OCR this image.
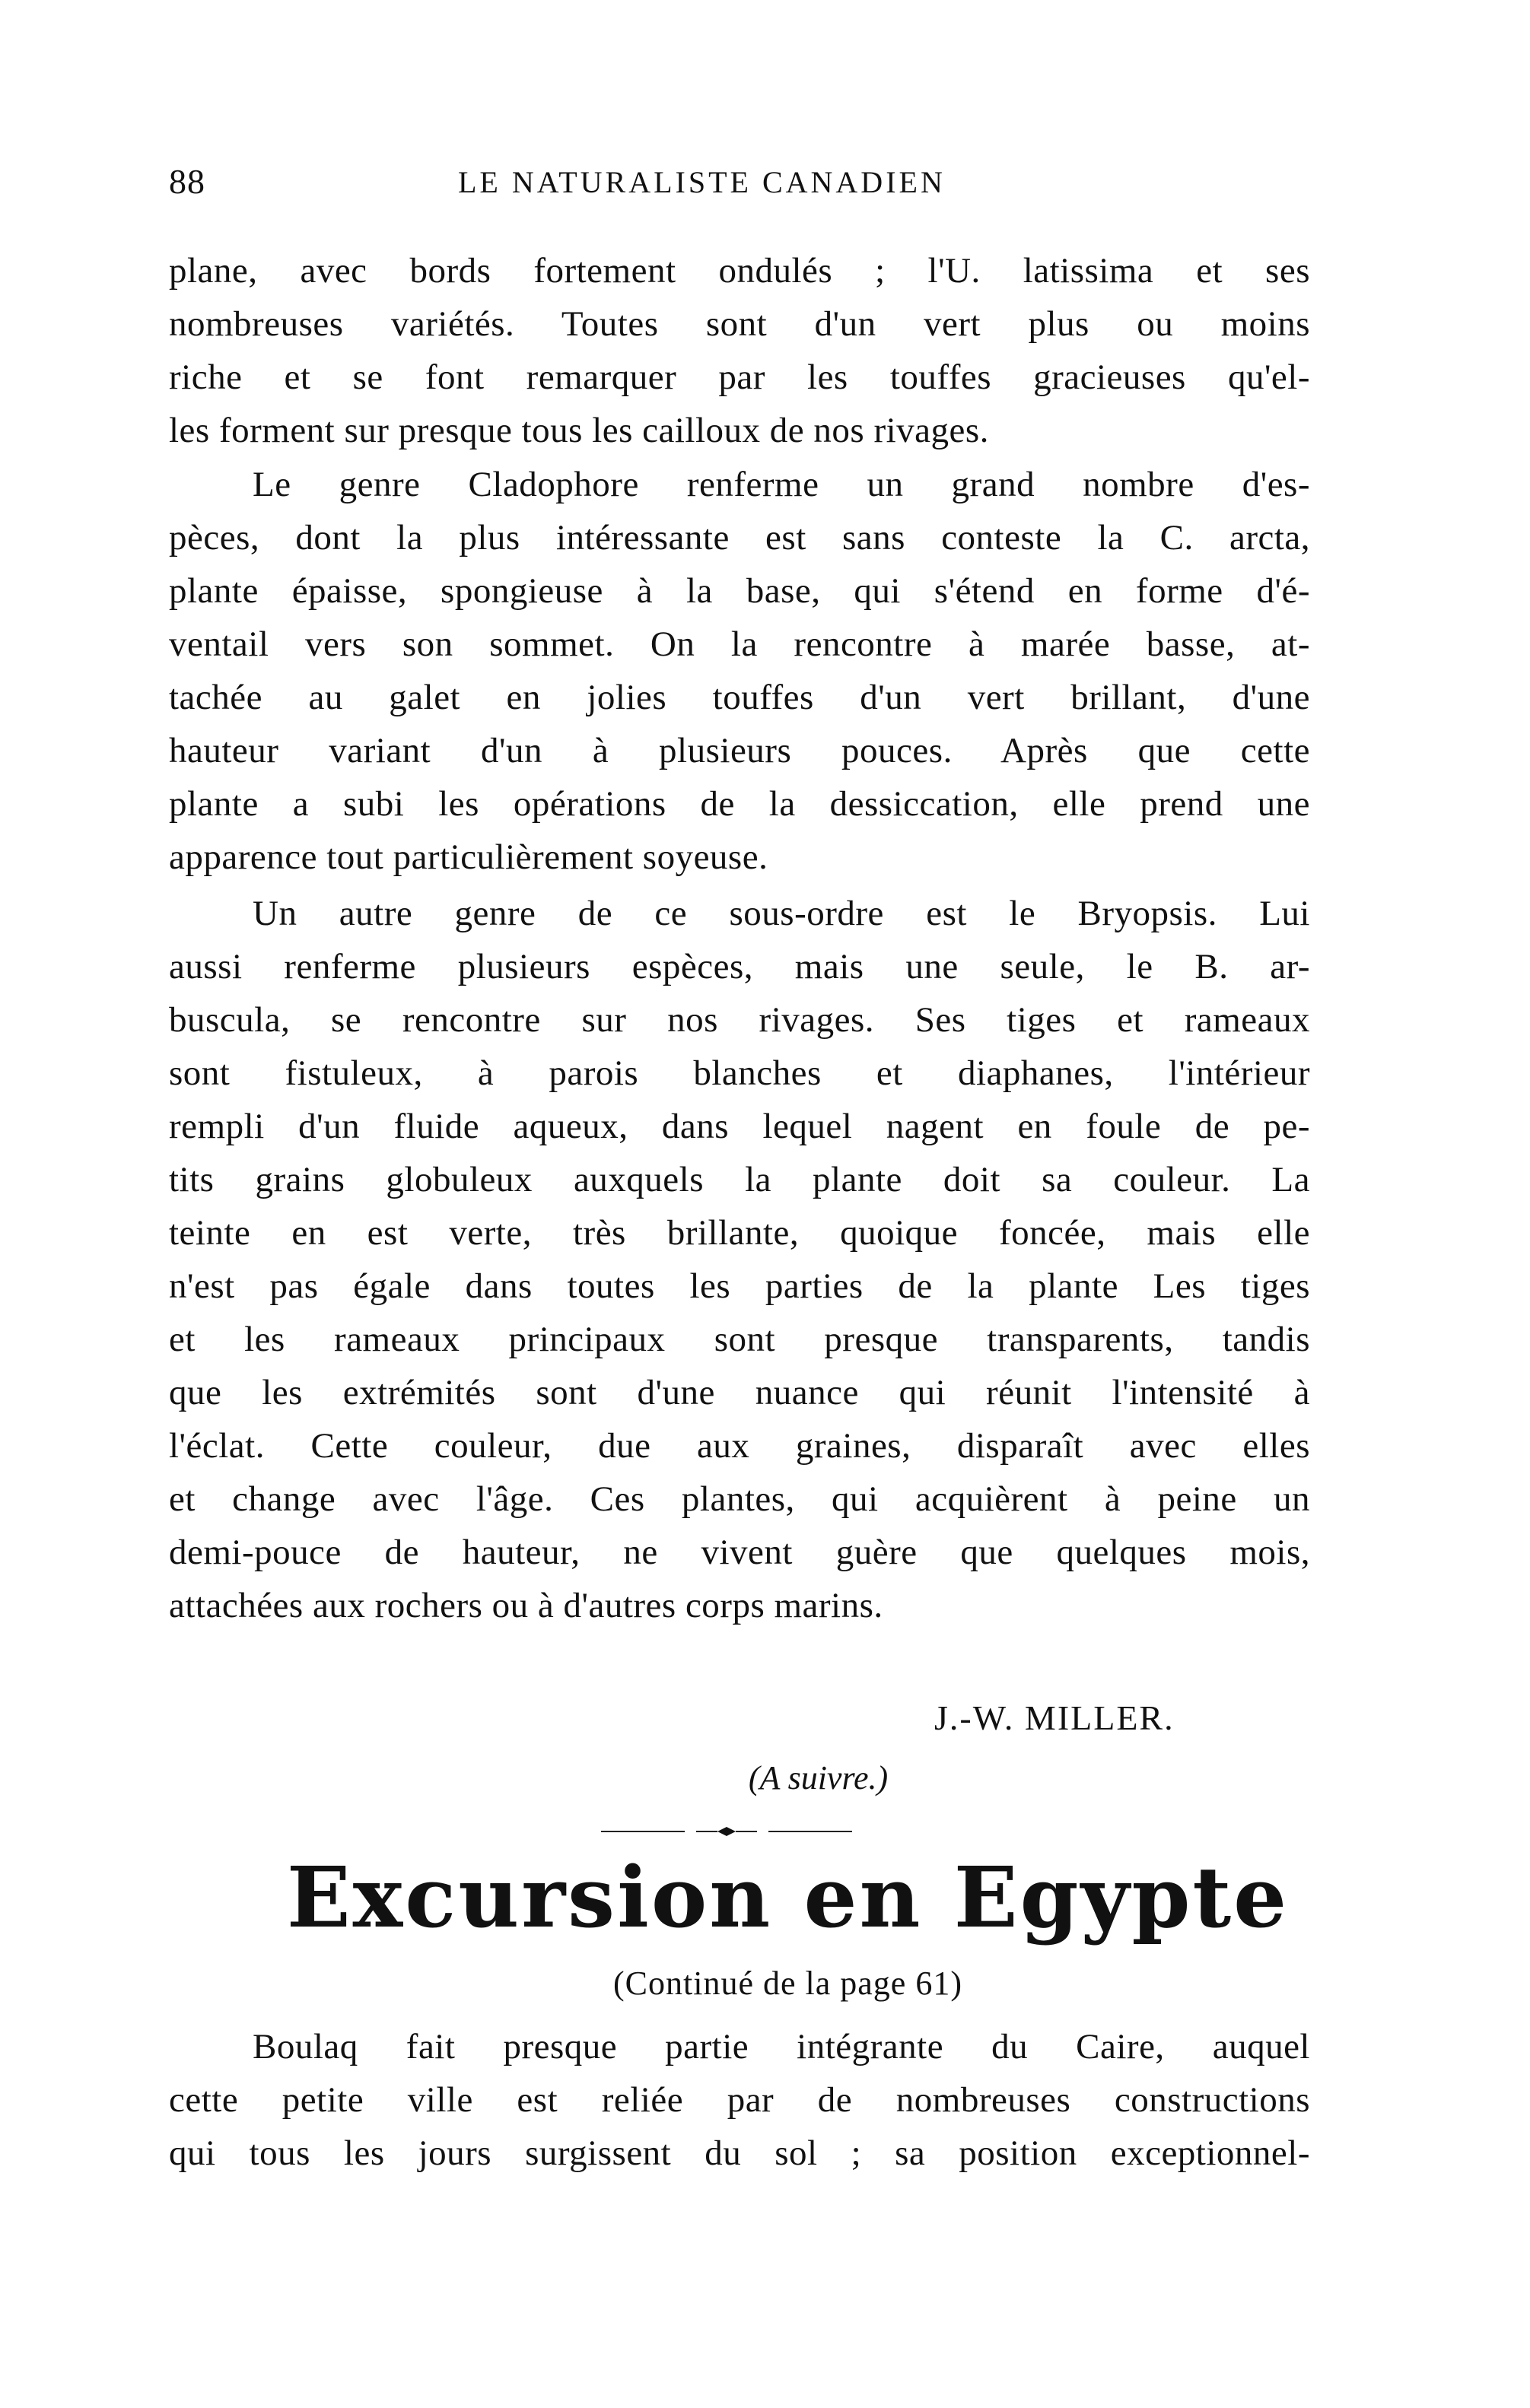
88	LE NATURALISTE CANADIEN
plane, avec bords fortement ondulés ; l'U. latissima et ses
nombreuses variétés. Toutes sont d'un vert plus ou moins
riche et se font remarquer par les touffes gracieuses qu'el-
les forment sur presque tous les cailloux de nos rivages.
Le genre Cladophore renferme un grand nombre d'es-
pèces, dont la plus intéressante est sans conteste la C. arcta,
plante épaisse, spongieuse à la base, qui s'étend en forme d'é-
ventail vers son sommet. On la rencontre à marée basse, at-
tachée au galet en jolies touffes d'un vert brillant, d'une
hauteur variant d'un à plusieurs pouces. Après que cette
plante a subi les opérations de la dessiccation, elle prend une
apparence tout particulièrement soyeuse.
Un autre genre de ce sous-ordre est le Bryopsis. Lui
aussi renferme plusieurs espèces, mais une seule, le B. ar-
buscula, se rencontre sur nos rivages. Ses tiges et rameaux
sont fistuleux, à parois blanches et diaphanes, l'intérieur
rempli d'un fluide aqueux, dans lequel nagent en foule de pe-
tits grains globuleux auxquels la plante doit sa couleur. La
teinte en est verte, très brillante, quoique foncée, mais elle
n'est pas égale dans toutes les parties de la plante Les tiges
et les rameaux principaux sont presque transparents, tandis
que les extrémités sont d'une nuance qui réunit l'intensité à
l'éclat. Cette couleur, due aux graines, disparaît avec elles
et change avec l'âge. Ces plantes, qui acquièrent à peine un
demi-pouce de hauteur, ne vivent guère que quelques mois,
attachées aux rochers ou à d'autres corps marins.
J.-W. MILLER.
(A suivre.)
Excursion en Egypte
(Continué de la page 61)
Boulaq fait presque partie intégrante du Caire, auquel
cette petite ville est reliée par de nombreuses constructions
qui tous les jours surgissent du sol ; sa position exceptionnel-
